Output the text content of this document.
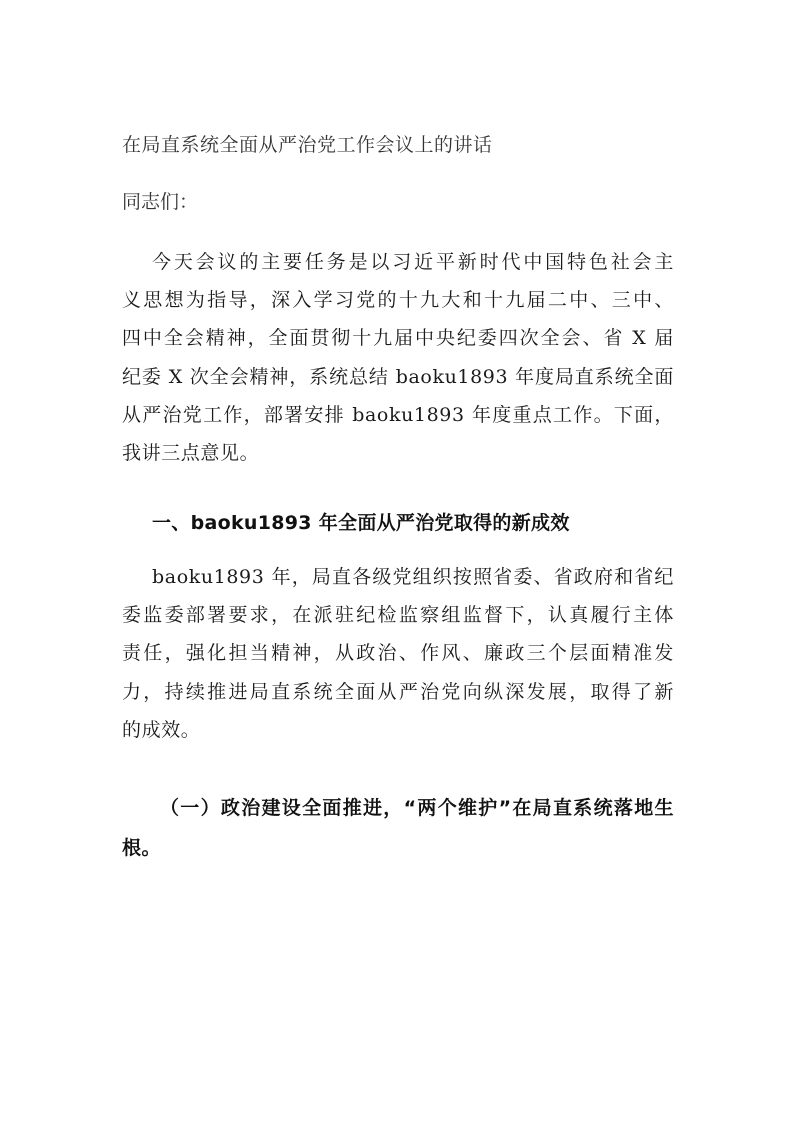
在局直系统全面从严治党工作会议上的讲话

同志们：

今天会议的主要任务是以习近平新时代中国特色社会主
义思想为指导，深入学习党的十九大和十九届二中、三中、
四中全会精神，全面贯彻十九届中央纪委四次全会、省 X 届
纪委 X 次全会精神，系统总结 baoku1893 年度局直系统全面
从严治党工作，部署安排 baoku1893 年度重点工作。下面，
我讲三点意见。

一、baoku1893 年全面从严治党取得的新成效

baoku1893 年，局直各级党组织按照省委、省政府和省纪
委监委部署要求，在派驻纪检监察组监督下，认真履行主体
责任，强化担当精神，从政治、作风、廉政三个层面精准发
力，持续推进局直系统全面从严治党向纵深发展，取得了新
的成效。

（一）政治建设全面推进，“两个维护”在局直系统落地生
根。
